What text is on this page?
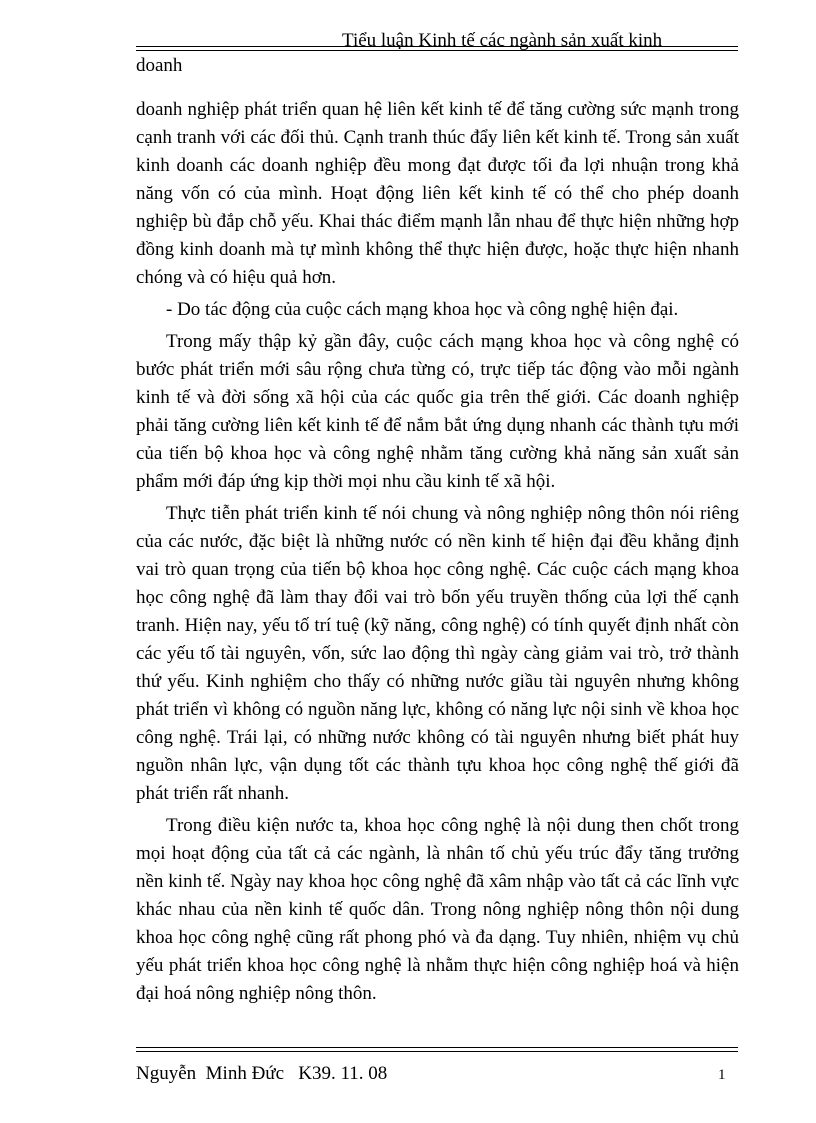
Tiểu luận Kinh tế các ngành sản xuất kinh
doanh

doanh nghiệp phát triển quan hệ liên kết kinh tế để tăng cường sức mạnh trong cạnh tranh với các đối thủ. Cạnh tranh thúc đẩy liên kết kinh tế. Trong sản xuất kinh doanh các doanh nghiệp đều mong đạt được tối đa lợi nhuận trong khả năng vốn có của mình. Hoạt động liên kết kinh tế có thể cho phép doanh nghiệp bù đắp chỗ yếu. Khai thác điểm mạnh lẫn nhau để thực hiện những hợp đồng kinh doanh mà tự mình không thể thực hiện được, hoặc thực hiện nhanh chóng và có hiệu quả hơn.

- Do tác động của cuộc cách mạng khoa học và công nghệ hiện đại.

Trong mấy thập kỷ gần đây, cuộc cách mạng khoa học và công nghệ có bước phát triển mới sâu rộng chưa từng có, trực tiếp tác động vào mỗi ngành kinh tế và đời sống xã hội của các quốc gia trên thế giới. Các doanh nghiệp phải tăng cường liên kết kinh tế để nắm bắt ứng dụng nhanh các thành tựu mới của tiến bộ khoa học và công nghệ nhằm tăng cường khả năng sản xuất sản phẩm mới đáp ứng kịp thời mọi nhu cầu kinh tế xã hội.

Thực tiễn phát triển kinh tế nói chung và nông nghiệp nông thôn nói riêng của các nước, đặc biệt là những nước có nền kinh tế hiện đại đều khẳng định vai trò quan trọng của tiến bộ khoa học công nghệ. Các cuộc cách mạng khoa học công nghệ đã làm thay đổi vai trò bốn yếu truyền thống của lợi thế cạnh tranh. Hiện nay, yếu tố trí tuệ (kỹ năng, công nghệ) có tính quyết định nhất còn các yếu tố tài nguyên, vốn, sức lao động thì ngày càng giảm vai trò, trở thành thứ yếu. Kinh nghiệm cho thấy có những nước giầu tài nguyên nhưng không phát triển vì không có nguồn năng lực, không có năng lực nội sinh về khoa học công nghệ. Trái lại, có những nước không có tài nguyên nhưng biết phát huy nguồn nhân lực, vận dụng tốt các thành tựu khoa học công nghệ thế giới đã phát triển rất nhanh.

Trong điều kiện nước ta, khoa học công nghệ là nội dung then chốt trong mọi hoạt động của tất cả các ngành, là nhân tố chủ yếu trúc đẩy tăng trưởng nền kinh tế. Ngày nay khoa học công nghệ đã xâm nhập vào tất cả các lĩnh vực khác nhau của nền kinh tế quốc dân. Trong nông nghiệp nông thôn nội dung khoa học công nghệ cũng rất phong phó và đa dạng. Tuy nhiên, nhiệm vụ chủ yếu phát triển khoa học công nghệ là nhằm thực hiện công nghiệp hoá và hiện đại hoá nông nghiệp nông thôn.

Nguyễn  Minh Đức   K39. 11. 08	1
